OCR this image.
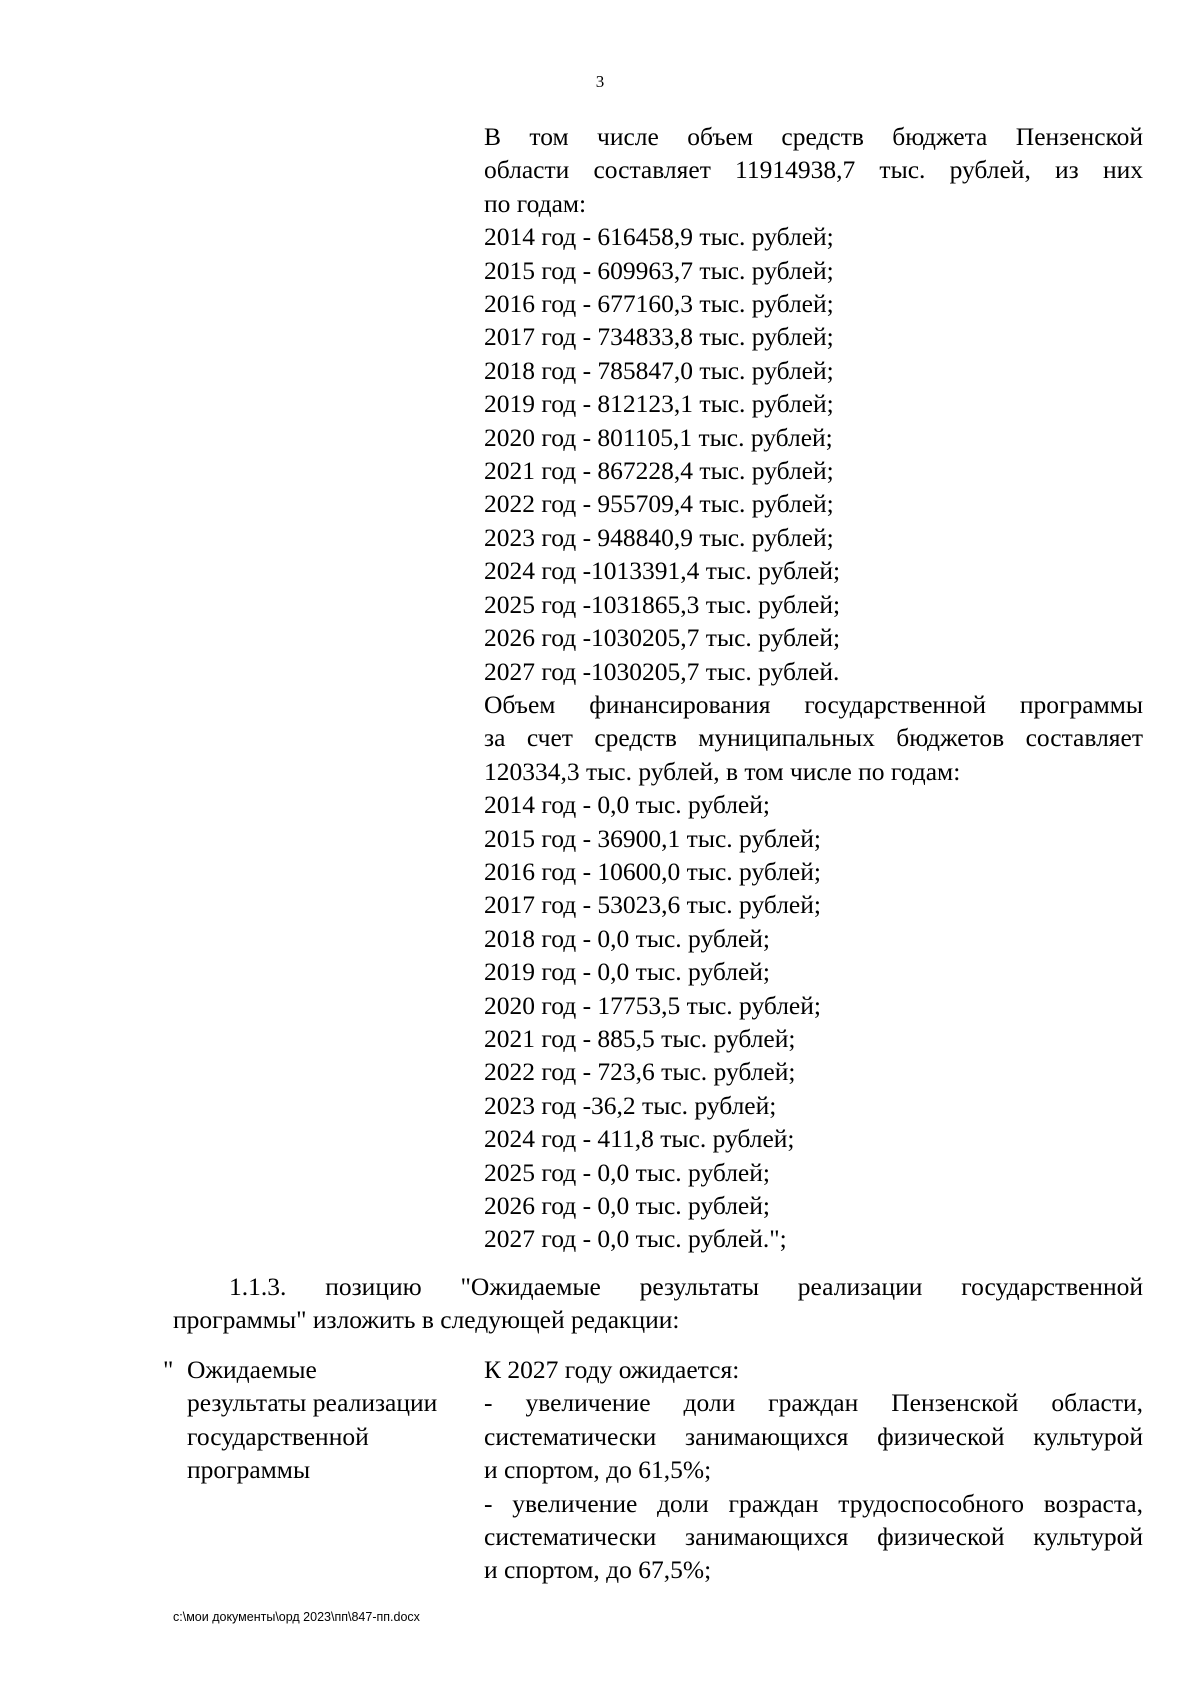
3
В том числе объем средств бюджета Пензенской
области составляет 11914938,7 тыс. рублей, из них
по годам:
2014 год - 616458,9 тыс. рублей;
2015 год - 609963,7 тыс. рублей;
2016 год - 677160,3 тыс. рублей;
2017 год - 734833,8 тыс. рублей;
2018 год - 785847,0 тыс. рублей;
2019 год - 812123,1 тыс. рублей;
2020 год - 801105,1 тыс. рублей;
2021 год - 867228,4 тыс. рублей;
2022 год - 955709,4 тыс. рублей;
2023 год - 948840,9 тыс. рублей;
2024 год -1013391,4 тыс. рублей;
2025 год -1031865,3 тыс. рублей;
2026 год -1030205,7 тыс. рублей;
2027 год -1030205,7 тыс. рублей.
Объем финансирования государственной программы
за счет средств муниципальных бюджетов составляет
120334,3 тыс. рублей, в том числе по годам:
2014 год - 0,0 тыс. рублей;
2015 год - 36900,1 тыс. рублей;
2016 год - 10600,0 тыс. рублей;
2017 год - 53023,6 тыс. рублей;
2018 год - 0,0 тыс. рублей;
2019 год - 0,0 тыс. рублей;
2020 год - 17753,5 тыс. рублей;
2021 год - 885,5 тыс. рублей;
2022 год - 723,6 тыс. рублей;
2023 год -36,2 тыс. рублей;
2024 год - 411,8 тыс. рублей;
2025 год - 0,0 тыс. рублей;
2026 год - 0,0 тыс. рублей;
2027 год - 0,0 тыс. рублей.";
1.1.3. позицию "Ожидаемые результаты реализации государственной
программы" изложить в следующей редакции:
" Ожидаемые
результаты реализации
государственной
программы
К 2027 году ожидается:
- увеличение доли граждан Пензенской области,
систематически занимающихся физической культурой
и спортом, до 61,5%;
- увеличение доли граждан трудоспособного возраста,
систематически занимающихся физической культурой
и спортом, до 67,5%;
c:\мои документы\орд 2023\пп\847-пп.docx
